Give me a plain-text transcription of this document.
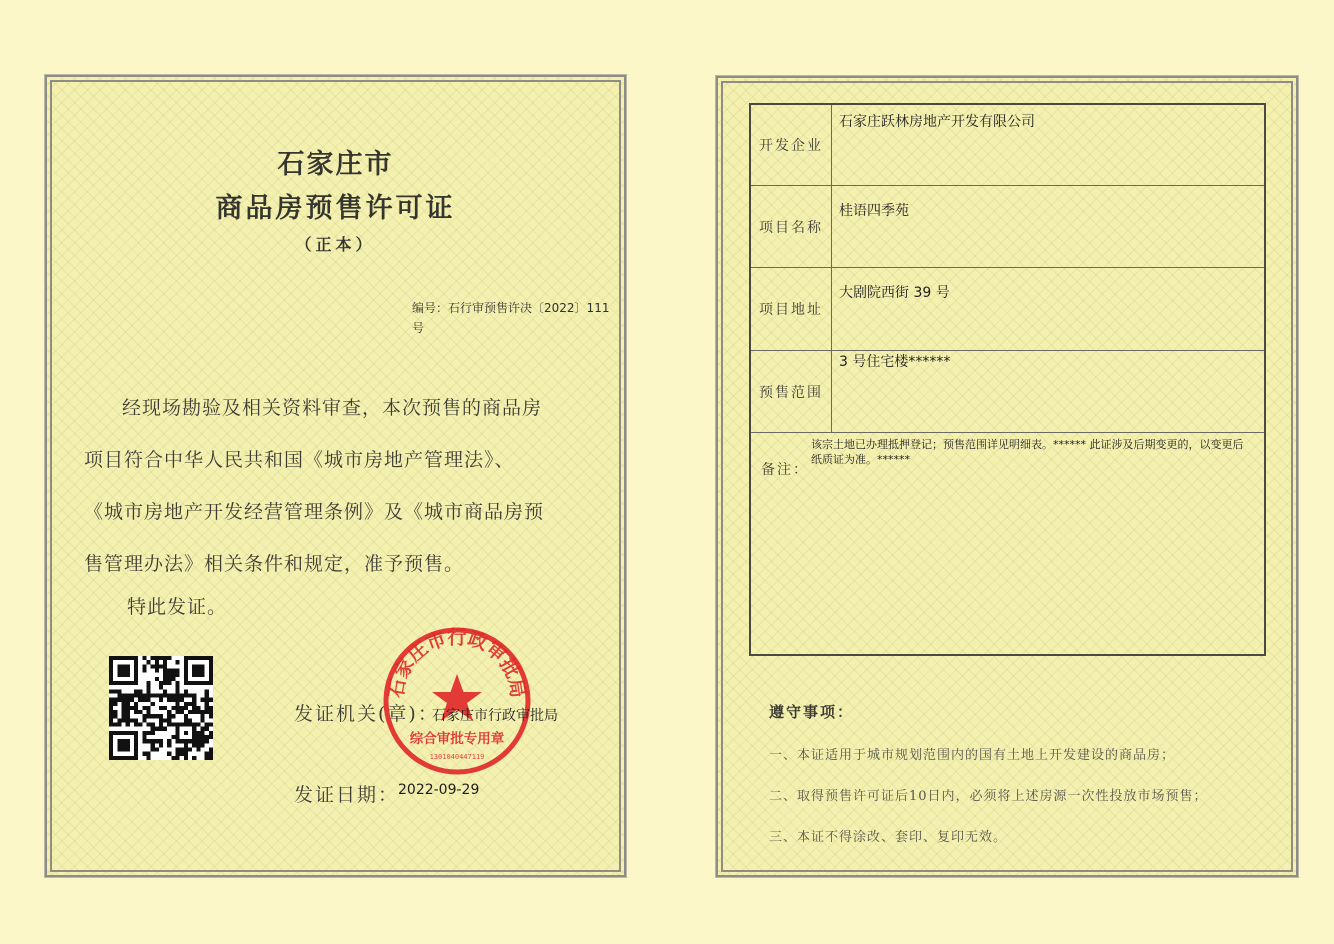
石家庄市
商品房预售许可证
（正本）
编号：石行审预售许决〔2022〕111 号
经现场勘验及相关资料审查，本次预售的商品房
项目符合中华人民共和国《城市房地产管理法》、
《城市房地产开发经营管理条例》及《城市商品房预
售管理办法》相关条件和规定，准予预售。
特此发证。
发证机关(章)：
石家庄市行政审批局
石家庄市行政审批局
综合审批专用章
1301040447119
发证日期：
2022-09-29
开发企业
石家庄跃林房地产开发有限公司
项目名称
桂语四季苑
项目地址
大剧院西街 39 号
预售范围
3 号住宅楼******
备注：
该宗土地已办理抵押登记；预售范围详见明细表。****** 此证涉及后期变更的，以变更后纸质证为准。******
遵守事项：
一、本证适用于城市规划范围内的国有土地上开发建设的商品房；
二、取得预售许可证后10日内，必须将上述房源一次性投放市场预售；
三、本证不得涂改、套印、复印无效。
